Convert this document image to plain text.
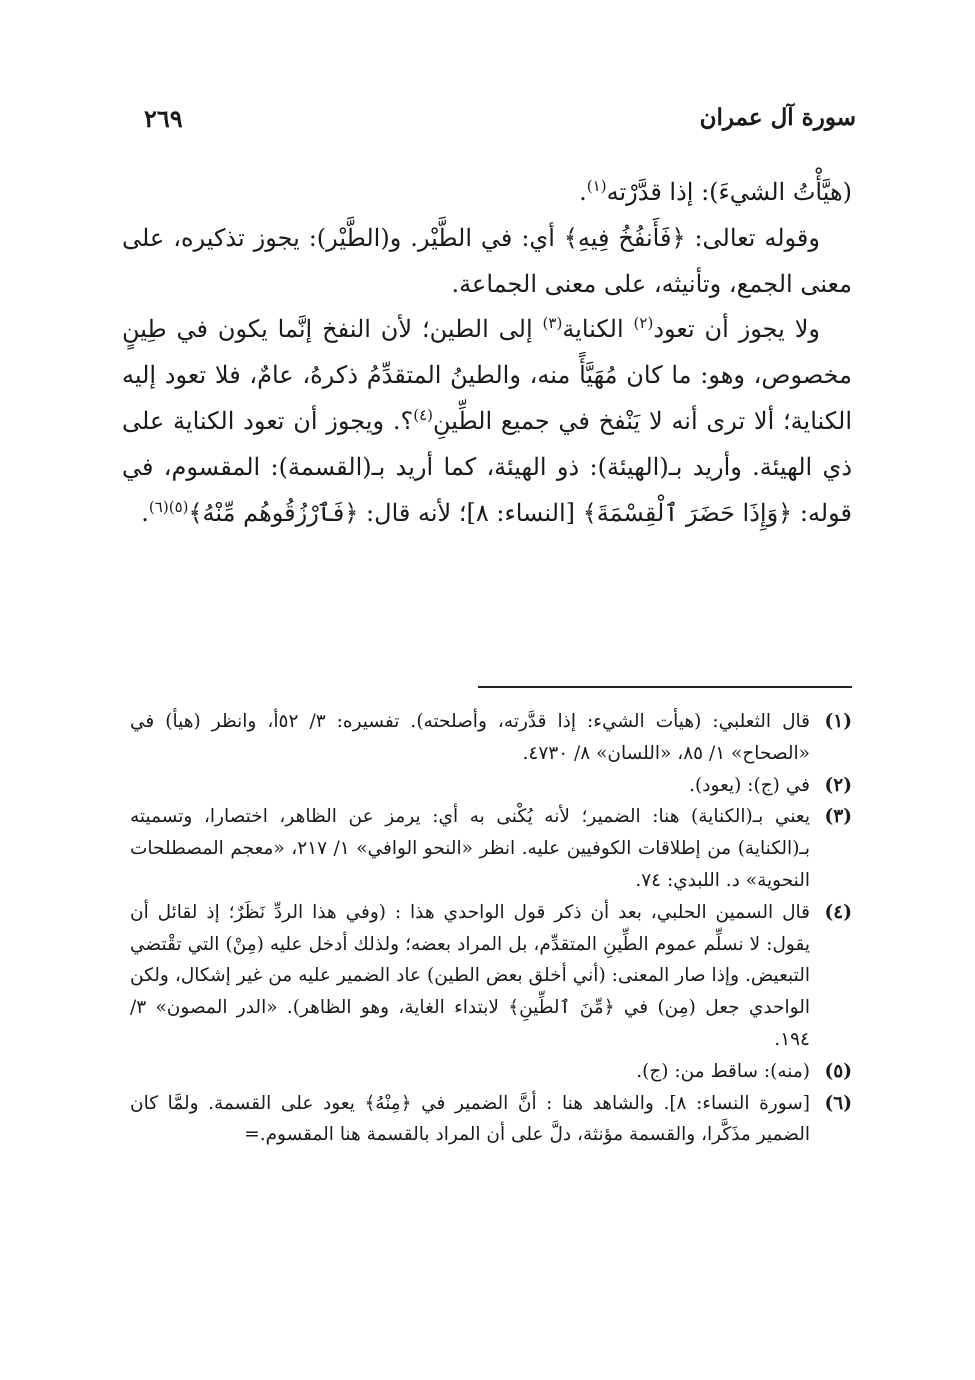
سورة آل عمران
٢٦٩

(هيَّأْتُ الشيءَ): إذا قدَّرْته$^{(١)}$.

وقوله تعالى: ﴿فَأَنفُخُ فِيهِ﴾ أي: في الطَّيْر. و(الطَّيْر): يجوز تذكيره، على معنى الجمع، وتأنيثه، على معنى الجماعة.

ولا يجوز أن تعود$^{(٢)}$ الكناية$^{(٣)}$ إلى الطين؛ لأن النفخ إنَّما يكون في طِينٍ مخصوص، وهو: ما كان مُهَيَّأً منه، والطينُ المتقدِّمُ ذكرهُ، عامٌ، فلا تعود إليه الكناية؛ ألا ترى أنه لا يَنْفخ في جميع الطِّينِ$^{(٤)}$؟. ويجوز أن تعود الكناية على ذي الهيئة. وأريد بـ(الهيئة): ذو الهيئة، كما أريد بـ(القسمة): المقسوم، في قوله: ﴿وَإِذَا حَضَرَ ٱلْقِسْمَةَ﴾ [النساء: ٨]؛ لأنه قال: ﴿فَٱرْزُقُوهُم مِّنْهُ﴾$^{(٥)(٦)}$.

(١)
قال الثعلبي: (هيأت الشيء: إذا قدَّرته، وأصلحته). تفسيره: ٣/ ٥٢أ، وانظر (هيأ) في «الصحاح» ١/ ٨٥، «اللسان» ٨/ ٤٧٣٠.
(٢)
في (ج): (يعود).
(٣)
يعني بـ(الكناية) هنا: الضمير؛ لأنه يُكْنى به أي: يرمز عن الظاهر، اختصارا، وتسميته بـ(الكناية) من إطلاقات الكوفيين عليه. انظر «النحو الوافي» ١/ ٢١٧، «معجم المصطلحات النحوية» د. اللبدي: ٧٤.
(٤)
قال السمين الحلبي، بعد أن ذكر قول الواحدي هذا : (وفي هذا الردِّ نَظَرٌ؛ إذ لقائل أن يقول: لا نسلِّم عموم الطِّينِ المتقدِّم، بل المراد بعضه؛ ولذلك أدخل عليه (مِنْ) التي تقْتضي التبعيض. وإذا صار المعنى: (أني أخلق بعض الطين) عاد الضمير عليه من غير إشكال، ولكن الواحدي جعل (مِن) في ﴿مِّنَ ٱلطِّينِ﴾ لابتداء الغاية، وهو الظاهر). «الدر المصون» ٣/ ١٩٤.
(٥)
(منه): ساقط من: (ج).
(٦)
[سورة النساء: ٨]. والشاهد هنا : أنَّ الضمير في ﴿مِنْهُ﴾ يعود على القسمة. ولمَّا كان الضمير مذَكَّرا، والقسمة مؤنثة، دلَّ على أن المراد بالقسمة هنا المقسوم.=
